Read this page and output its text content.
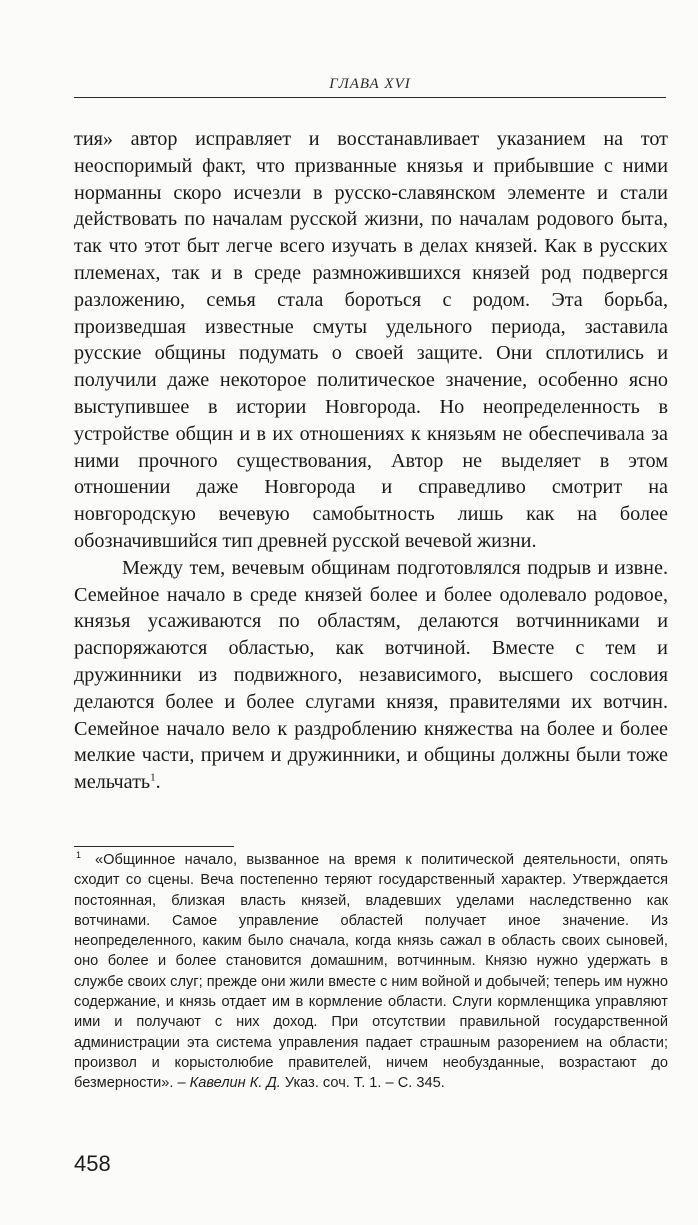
ГЛАВА XVI

тия» автор исправляет и восстанавливает указанием на тот неоспоримый факт, что призванные князья и прибывшие с ними норманны скоро исчезли в русско-славянском элементе и стали действовать по началам русской жизни, по началам родового быта, так что этот быт легче всего изучать в делах князей. Как в русских племенах, так и в среде размножившихся князей род подвергся разложению, семья стала бороться с родом. Эта борьба, произведшая известные смуты удельного периода, заставила русские общины подумать о своей защите. Они сплотились и получили даже некоторое политическое значение, особенно ясно выступившее в истории Новгорода. Но неопределенность в устройстве общин и в их отношениях к князьям не обеспечивала за ними прочного существования, Автор не выделяет в этом отношении даже Новгорода и справедливо смотрит на новгородскую вечевую самобытность лишь как на более обозначившийся тип древней русской вечевой жизни.

Между тем, вечевым общинам подготовлялся подрыв и извне. Семейное начало в среде князей более и более одолевало родовое, князья усаживаются по областям, делаются вотчинниками и распоряжаются областью, как вотчиной. Вместе с тем и дружинники из подвижного, независимого, высшего сословия делаются более и более слугами князя, правителями их вотчин. Семейное начало вело к раздроблению княжества на более и более мелкие части, причем и дружинники, и общины должны были тоже мельчать$^1$.

$^1$ «Общинное начало, вызванное на время к политической деятельности, опять сходит со сцены. Веча постепенно теряют государственный характер. Утверждается постоянная, близкая власть князей, владевших уделами наследственно как вотчинами. Самое управление областей получает иное значение. Из неопределенного, каким было сначала, когда князь сажал в область своих сыновей, оно более и более становится домашним, вотчинным. Князю нужно удержать в службе своих слуг; прежде они жили вместе с ним войной и добычей; теперь им нужно содержание, и князь отдает им в кормление области. Слуги кормленщика управляют ими и получают с них доход. При отсутствии правильной государственной администрации эта система управления падает страшным разорением на области; произвол и корыстолюбие правителей, ничем необузданные, возрастают до безмерности». – Кавелин К. Д. Указ. соч. Т. 1. – С. 345.

458
